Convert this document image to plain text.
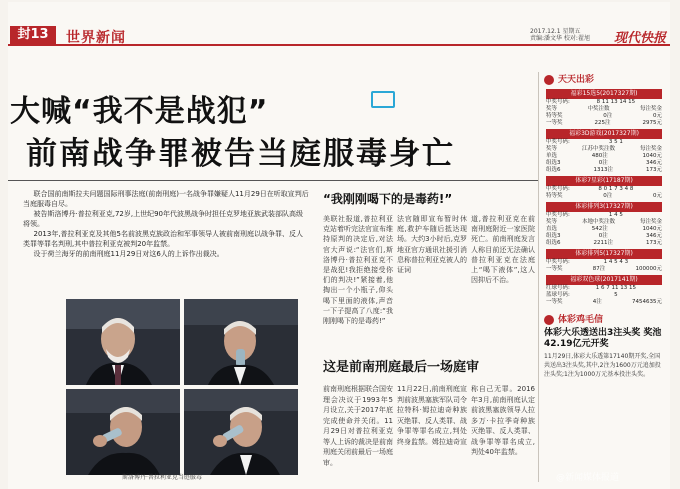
封13	世界新闻	2017.12.1 星期五
责编:潘文华 校对:翟旭 现代快报
大喊“我不是战犯”
前南战争罪被告当庭服毒身亡

联合国前南斯拉夫问题国际刑事法庭(前南刑庭)一名战争罪嫌疑人11月29日在听取宣判后当庭服毒自尽。

被告斯洛博丹·普拉利亚克,72岁,上世纪90年代波黑战争时担任克罗地亚族武装部队高级将领。

2013年,普拉利亚克及其他5名前波黑克族政治和军事领导人被前南刑庭以战争罪、反人类罪等罪名判刑,其中普拉利亚克被判20年监禁。

设于荷兰海牙的前南刑庭11月29日对这6人的上诉作出裁决。

“我刚刚喝下的是毒药!”
美联社报道,普拉利亚克站着听完法官宣布维持原判的决定后,对法官大声说:“法官们,斯洛博丹·普拉利亚克不是战犯!我拒绝接受你们的判决!”紧接着,他掏出一个小瓶子,仰头喝下里面的液体,声音一下子提高了八度:“我刚刚喝下的是毒药!”
法官随即宣布暂时休庭,救护车随后抵达现场。大约3小时后,克罗地亚官方通讯社援引消息称普拉利亚克被人的证词
道,普拉利亚克在前南刑庭附近一家医院死亡。前南刑庭发言人称目前还无法确认普拉利亚克在法庭上“喝下液体”,这人因抑后不治。
斯洛博丹·普拉利亚克当庭服毒
这是前南刑庭最后一场庭审
前南刑庭根据联合国安理会决议于1993年5月设立,关于2017年底完成使命并关闭。11月29日对普拉利亚克等人上诉的裁决是前南刑庭关闭前最后一场庭审。
11月22日,前南刑庭宣判前波黑塞族军队司令拉特科·姆拉迪奇种族灭绝罪、反人类罪、战争罪等罪名成立,判处终身监禁。姆拉迪奇宣
称自己无罪。2016年3月,前南刑庭认定前波黑塞族领导人拉多万·卡拉季奇种族灭绝罪、反人类罪、战争罪等罪名成立,判处40年监禁。
天天出彩
福彩15选5(2017327期)
中奖号码:	8 11 13 14 15
奖等	中奖注数	每注奖金
特等奖	0注	0元
一等奖	225注	2975元
福彩3D游戏(2017327期)
中奖号码:	3 5 1
奖等	江苏中奖注数	每注奖金
单选	480注	1040元
组选3	0注	346元
组选6	1313注	173元
体彩7星彩(17187期)
中奖号码:	8 0 1 7 3 4 8
特等奖	0注	0元
体彩排列3(17327期)
中奖号码:	1 4 5
奖等	本地中奖注数	每注奖金
直选	542注	1040元
组选3	0注	346元
组选6	2211注	173元
体彩排列5(17327期)
中奖号码:	1 4 5 4 3
一等奖	87注	100000元
福彩双色球(2017141期)
红球号码:	1 6 7 11 13 15
蓝球号码:	5
一等奖	4注	7454635元
体彩鸡毛信
体彩大乐透送出3注头奖 奖池42.19亿元开奖
11月29日,体彩大乐透第17140期开奖,全国共送出3注头奖,其中,2注为1600万元追加投注头奖;1注为1000万元基本投注头奖。
@新闻媒体报道
